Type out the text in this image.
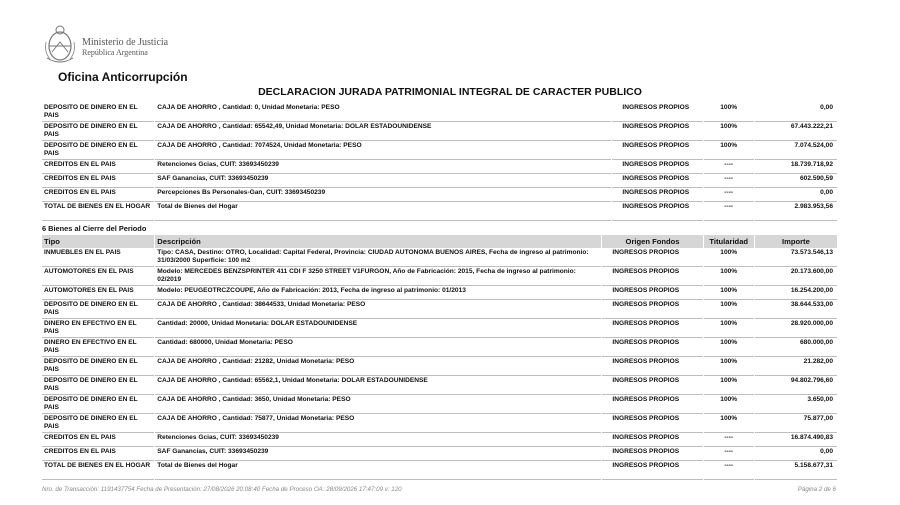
Ministerio de Justicia
República Argentina
Oficina Anticorrupción
DECLARACION JURADA PATRIMONIAL INTEGRAL DE CARACTER PUBLICO
DEPOSITO DE DINERO EN EL PAIS	CAJA DE AHORRO , Cantidad: 0, Unidad Monetaria: PESO	INGRESOS PROPIOS	100%	0,00
DEPOSITO DE DINERO EN EL PAIS	CAJA DE AHORRO , Cantidad: 65542,49, Unidad Monetaria: DOLAR ESTADOUNIDENSE	INGRESOS PROPIOS	100%	67.443.222,21
DEPOSITO DE DINERO EN EL PAIS	CAJA DE AHORRO , Cantidad: 7074524, Unidad Monetaria: PESO	INGRESOS PROPIOS	100%	7.074.524,00
CREDITOS EN EL PAIS	Retenciones Gcias, CUIT: 33693450239	INGRESOS PROPIOS	----	18.739.718,92
CREDITOS EN EL PAIS	SAF Ganancias, CUIT: 33693450239	INGRESOS PROPIOS	----	602.590,59
CREDITOS EN EL PAIS	Percepciones Bs Personales-Gan, CUIT: 33693450239	INGRESOS PROPIOS	----	0,00
TOTAL DE BIENES EN EL HOGAR	Total de Bienes del Hogar	INGRESOS PROPIOS	----	2.983.953,56
6 Bienes al Cierre del Periodo
Tipo	Descripción	Origen Fondos	Titularidad	Importe
INMUEBLES EN EL PAIS	Tipo: CASA, Destino: OTRO, Localidad: Capital Federal, Provincia: CIUDAD AUTONOMA BUENOS AIRES, Fecha de ingreso al patrimonio: 31/03/2000 Superficie: 100 m2	INGRESOS PROPIOS	100%	73.573.546,13
AUTOMOTORES EN EL PAIS	Modelo: MERCEDES BENZSPRINTER 411 CDI F 3250 STREET V1FURGON, Año de Fabricación: 2015, Fecha de ingreso al patrimonio: 02/2019	INGRESOS PROPIOS	100%	20.173.600,00
AUTOMOTORES EN EL PAIS	Modelo: PEUGEOTRCZCOUPE, Año de Fabricación: 2013, Fecha de ingreso al patrimonio: 01/2013	INGRESOS PROPIOS	100%	16.254.200,00
DEPOSITO DE DINERO EN EL PAIS	CAJA DE AHORRO , Cantidad: 38644533, Unidad Monetaria: PESO	INGRESOS PROPIOS	100%	38.644.533,00
DINERO EN EFECTIVO EN EL PAIS	Cantidad: 20000, Unidad Monetaria: DOLAR ESTADOUNIDENSE	INGRESOS PROPIOS	100%	28.920.000,00
DINERO EN EFECTIVO EN EL PAIS	Cantidad: 680000, Unidad Monetaria: PESO	INGRESOS PROPIOS	100%	680.000,00
DEPOSITO DE DINERO EN EL PAIS	CAJA DE AHORRO , Cantidad: 21282, Unidad Monetaria: PESO	INGRESOS PROPIOS	100%	21.282,00
DEPOSITO DE DINERO EN EL PAIS	CAJA DE AHORRO , Cantidad: 65562,1, Unidad Monetaria: DOLAR ESTADOUNIDENSE	INGRESOS PROPIOS	100%	94.802.796,60
DEPOSITO DE DINERO EN EL PAIS	CAJA DE AHORRO , Cantidad: 3650, Unidad Monetaria: PESO	INGRESOS PROPIOS	100%	3.650,00
DEPOSITO DE DINERO EN EL PAIS	CAJA DE AHORRO , Cantidad: 75877, Unidad Monetaria: PESO	INGRESOS PROPIOS	100%	75.877,00
CREDITOS EN EL PAIS	Retenciones Gcias, CUIT: 33693450239	INGRESOS PROPIOS	----	16.874.490,83
CREDITOS EN EL PAIS	SAF Ganancias, CUIT: 33693450239	INGRESOS PROPIOS	----	0,00
TOTAL DE BIENES EN EL HOGAR	Total de Bienes del Hogar	INGRESOS PROPIOS	----	5.158.677,31
Nro. de Transacción: 1191437754 Fecha de Presentación: 27/08/2026 20:08:40 Fecha de Proceso OA: 28/09/2026 17:47:09 v: 120	Página 2 de 6
